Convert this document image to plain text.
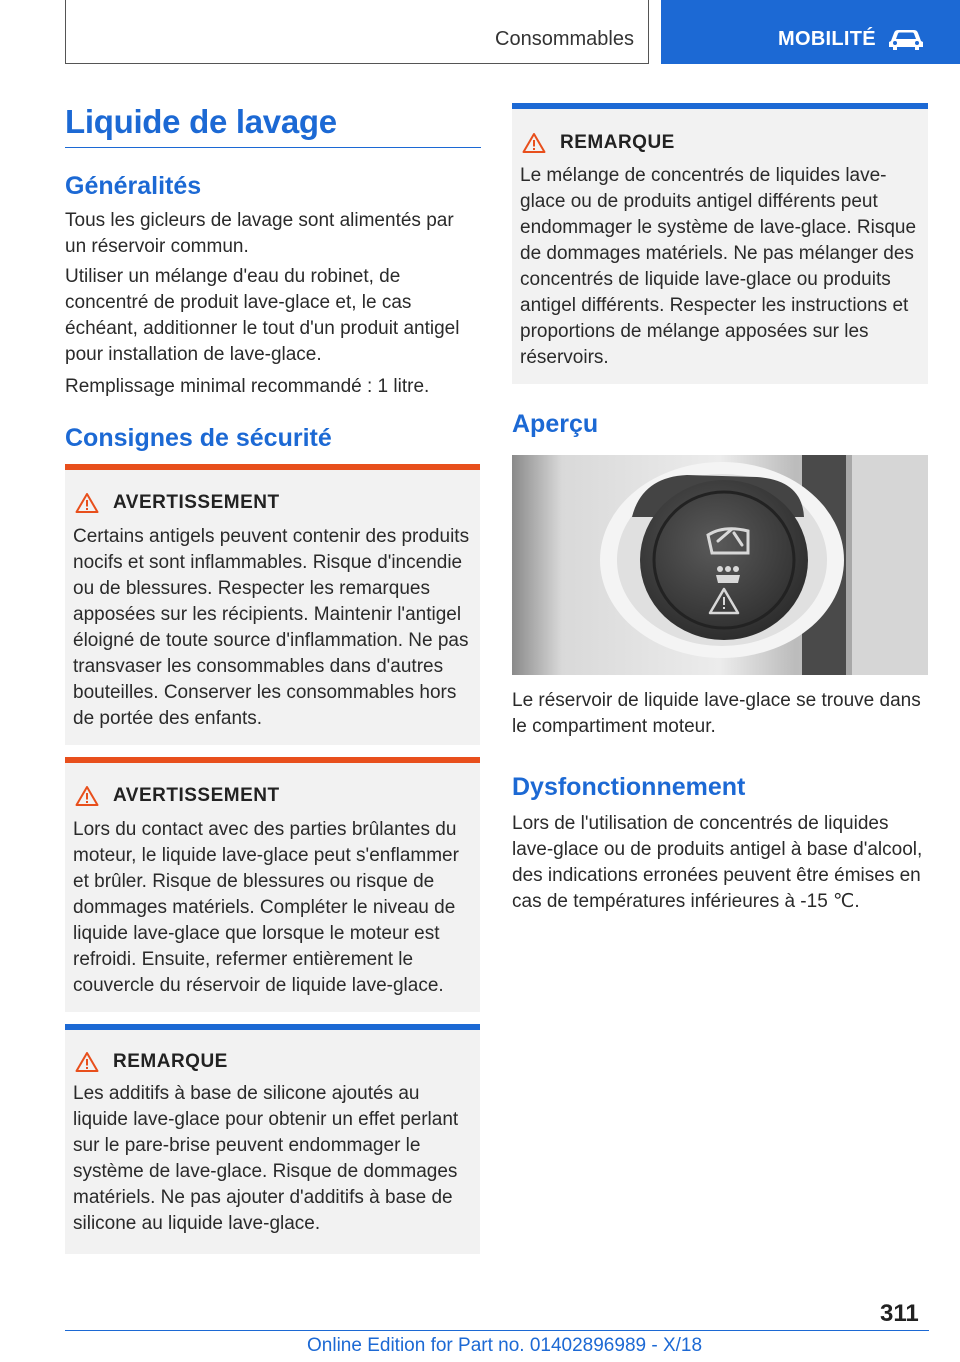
Consommables	MOBILITÉ
Liquide de lavage
Généralités

Tous les gicleurs de lavage sont alimentés par un réservoir commun.

Utiliser un mélange d'eau du robinet, de concentré de produit lave-glace et, le cas échéant, additionner le tout d'un produit antigel pour installation de lave-glace.

Remplissage minimal recommandé : 1 litre.

Consignes de sécurité
AVERTISSEMENT
Certains antigels peuvent contenir des produits nocifs et sont inflammables. Risque d'incendie ou de blessures. Respecter les remarques apposées sur les récipients. Maintenir l'antigel éloigné de toute source d'inflammation. Ne pas transvaser les consommables dans d'autres bouteilles. Conserver les consommables hors de portée des enfants.
AVERTISSEMENT
Lors du contact avec des parties brûlantes du moteur, le liquide lave-glace peut s'enflammer et brûler. Risque de blessures ou risque de dommages matériels. Compléter le niveau de liquide lave-glace que lorsque le moteur est refroidi. Ensuite, refermer entièrement le couvercle du réservoir de liquide lave-glace.
REMARQUE
Les additifs à base de silicone ajoutés au liquide lave-glace pour obtenir un effet perlant sur le pare-brise peuvent endommager le système de lave-glace. Risque de dommages matériels. Ne pas ajouter d'additifs à base de silicone au liquide lave-glace.
REMARQUE
Le mélange de concentrés de liquides lave-glace ou de produits antigel différents peut endommager le système de lave-glace. Risque de dommages matériels. Ne pas mélanger des concentrés de liquide lave-glace ou produits antigel différents. Respecter les instructions et proportions de mélange apposées sur les réservoirs.
Aperçu

Le réservoir de liquide lave-glace se trouve dans le compartiment moteur.

Dysfonctionnement

Lors de l'utilisation de concentrés de liquides lave-glace ou de produits antigel à base d'alcool, des indications erronées peuvent être émises en cas de températures inférieures à -15 ℃.

311
Online Edition for Part no. 01402896989 - X/18
